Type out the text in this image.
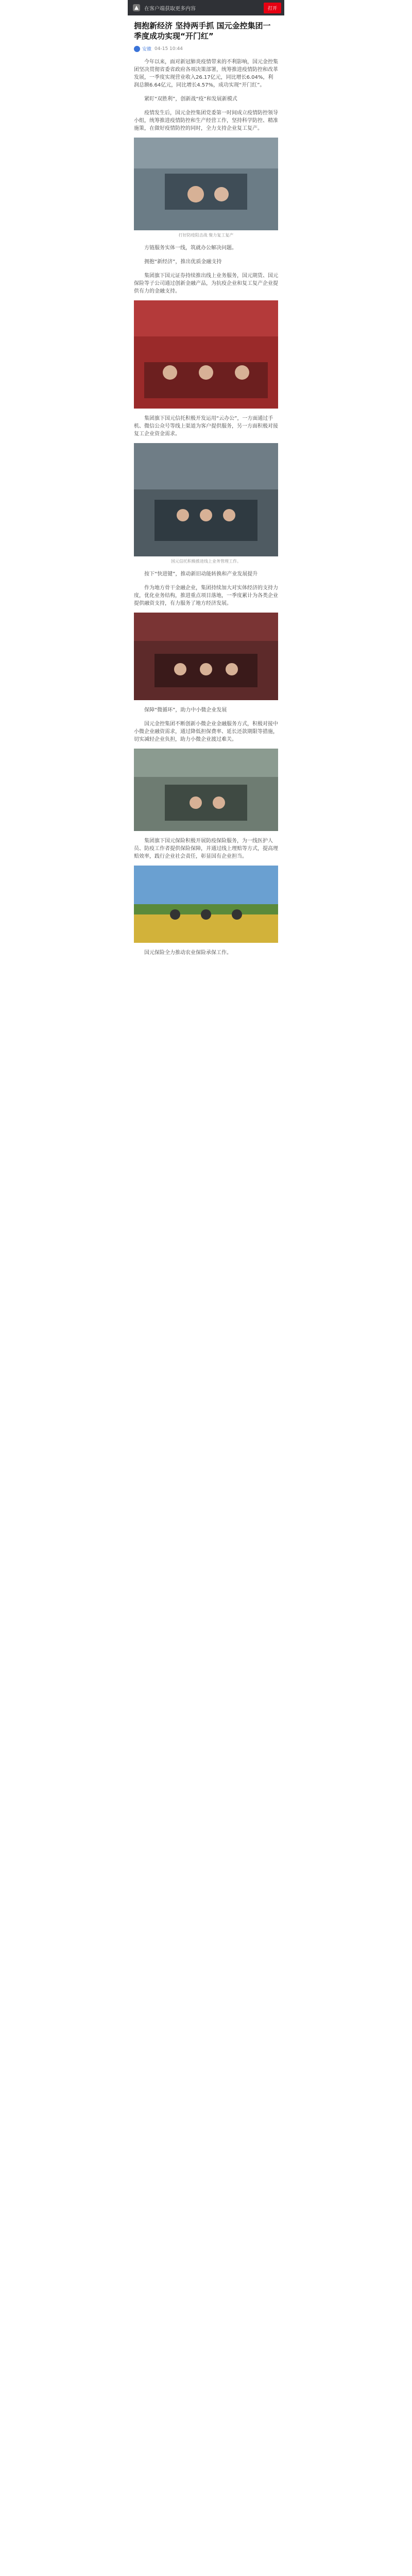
在客户端获取更多内容	打开
拥抱新经济 坚持两手抓 国元金控集团一季度成功实现“开门红”
安徽 04-15 10:44

今年以来，面对新冠肺炎疫情带来的不利影响，国元金控集团坚决贯彻省委省政府各项决策部署，统筹推进疫情防控和改革发展，一季度实现营业收入26.17亿元，同比增长6.04%，利润总额6.64亿元，同比增长4.57%，成功实现“开门红”。

紧盯“双胜利”，创新战“疫”和发展新模式

疫情发生后，国元金控集团党委第一时间成立疫情防控领导小组，统筹推进疫情防控和生产经营工作，坚持科学防控、精准施策，在做好疫情防控的同时，全力支持企业复工复产。

打好防疫阻击战 聚力复工复产

方链服务实体一线，筑就办公解决问题。

拥抱“新经济”，推出优质金融支持

集团旗下国元证券持续推出线上业务服务，国元期货、国元保险等子公司通过创新金融产品，为抗疫企业和复工复产企业提供有力的金融支持。

集团旗下国元信托积极开发运用“云办公”，一方面通过手机、微信公众号等线上渠道为客户提供服务，另一方面积极对接复工企业资金需求。

国元信托积极推进线上业务管理工作。

按下“快进键”，推动新旧动能转换和产业发展提升

作为地方骨干金融企业，集团持续加大对实体经济的支持力度，优化业务结构，推进重点项目落地，一季度累计为各类企业提供融资支持，有力服务了地方经济发展。

保障“微循环”，助力中小微企业发展

国元金控集团不断创新小微企业金融服务方式，积极对接中小微企业融资需求，通过降低担保费率、延长还款期限等措施，切实减轻企业负担，助力小微企业渡过难关。

集团旗下国元保险积极开展防疫保险服务，为一线医护人员、防疫工作者提供保险保障，并通过线上理赔等方式，提高理赔效率，践行企业社会责任，彰显国有企业担当。

国元保险全力推动农业保险承保工作。
